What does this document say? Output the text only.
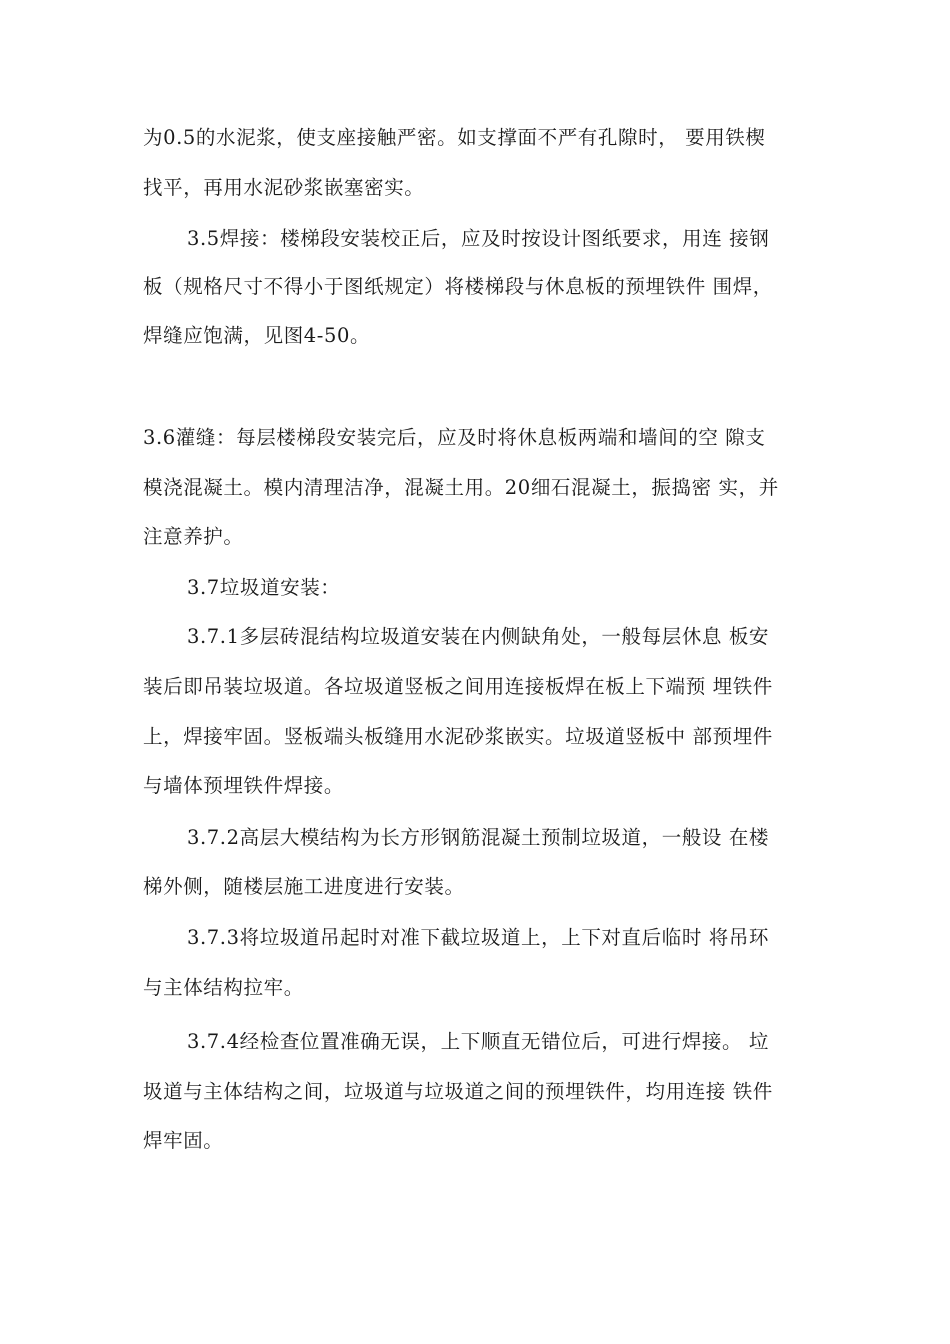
为0.5的水泥浆，使支座接触严密。如支撑面不严有孔隙时， 要用铁楔
找平，再用水泥砂浆嵌塞密实。
3.5焊接：楼梯段安装校正后，应及时按设计图纸要求，用连 接钢
板（规格尺寸不得小于图纸规定）将楼梯段与休息板的预埋铁件 围焊，
焊缝应饱满，见图4-50。
3.6灌缝：每层楼梯段安装完后，应及时将休息板两端和墙间的空 隙支
模浇混凝土。模内清理洁净，混凝土用。20细石混凝土，振捣密 实，并
注意养护。
3.7垃圾道安装：
3.7.1多层砖混结构垃圾道安装在内侧缺角处，一般每层休息 板安
装后即吊装垃圾道。各垃圾道竖板之间用连接板焊在板上下端预 埋铁件
上，焊接牢固。竖板端头板缝用水泥砂浆嵌实。垃圾道竖板中 部预埋件
与墙体预埋铁件焊接。
3.7.2高层大模结构为长方形钢筋混凝土预制垃圾道，一般设 在楼
梯外侧，随楼层施工进度进行安装。
3.7.3将垃圾道吊起时对准下截垃圾道上，上下对直后临时 将吊环
与主体结构拉牢。
3.7.4经检查位置准确无误，上下顺直无错位后，可进行焊接。 垃
圾道与主体结构之间，垃圾道与垃圾道之间的预埋铁件，均用连接 铁件
焊牢固。
